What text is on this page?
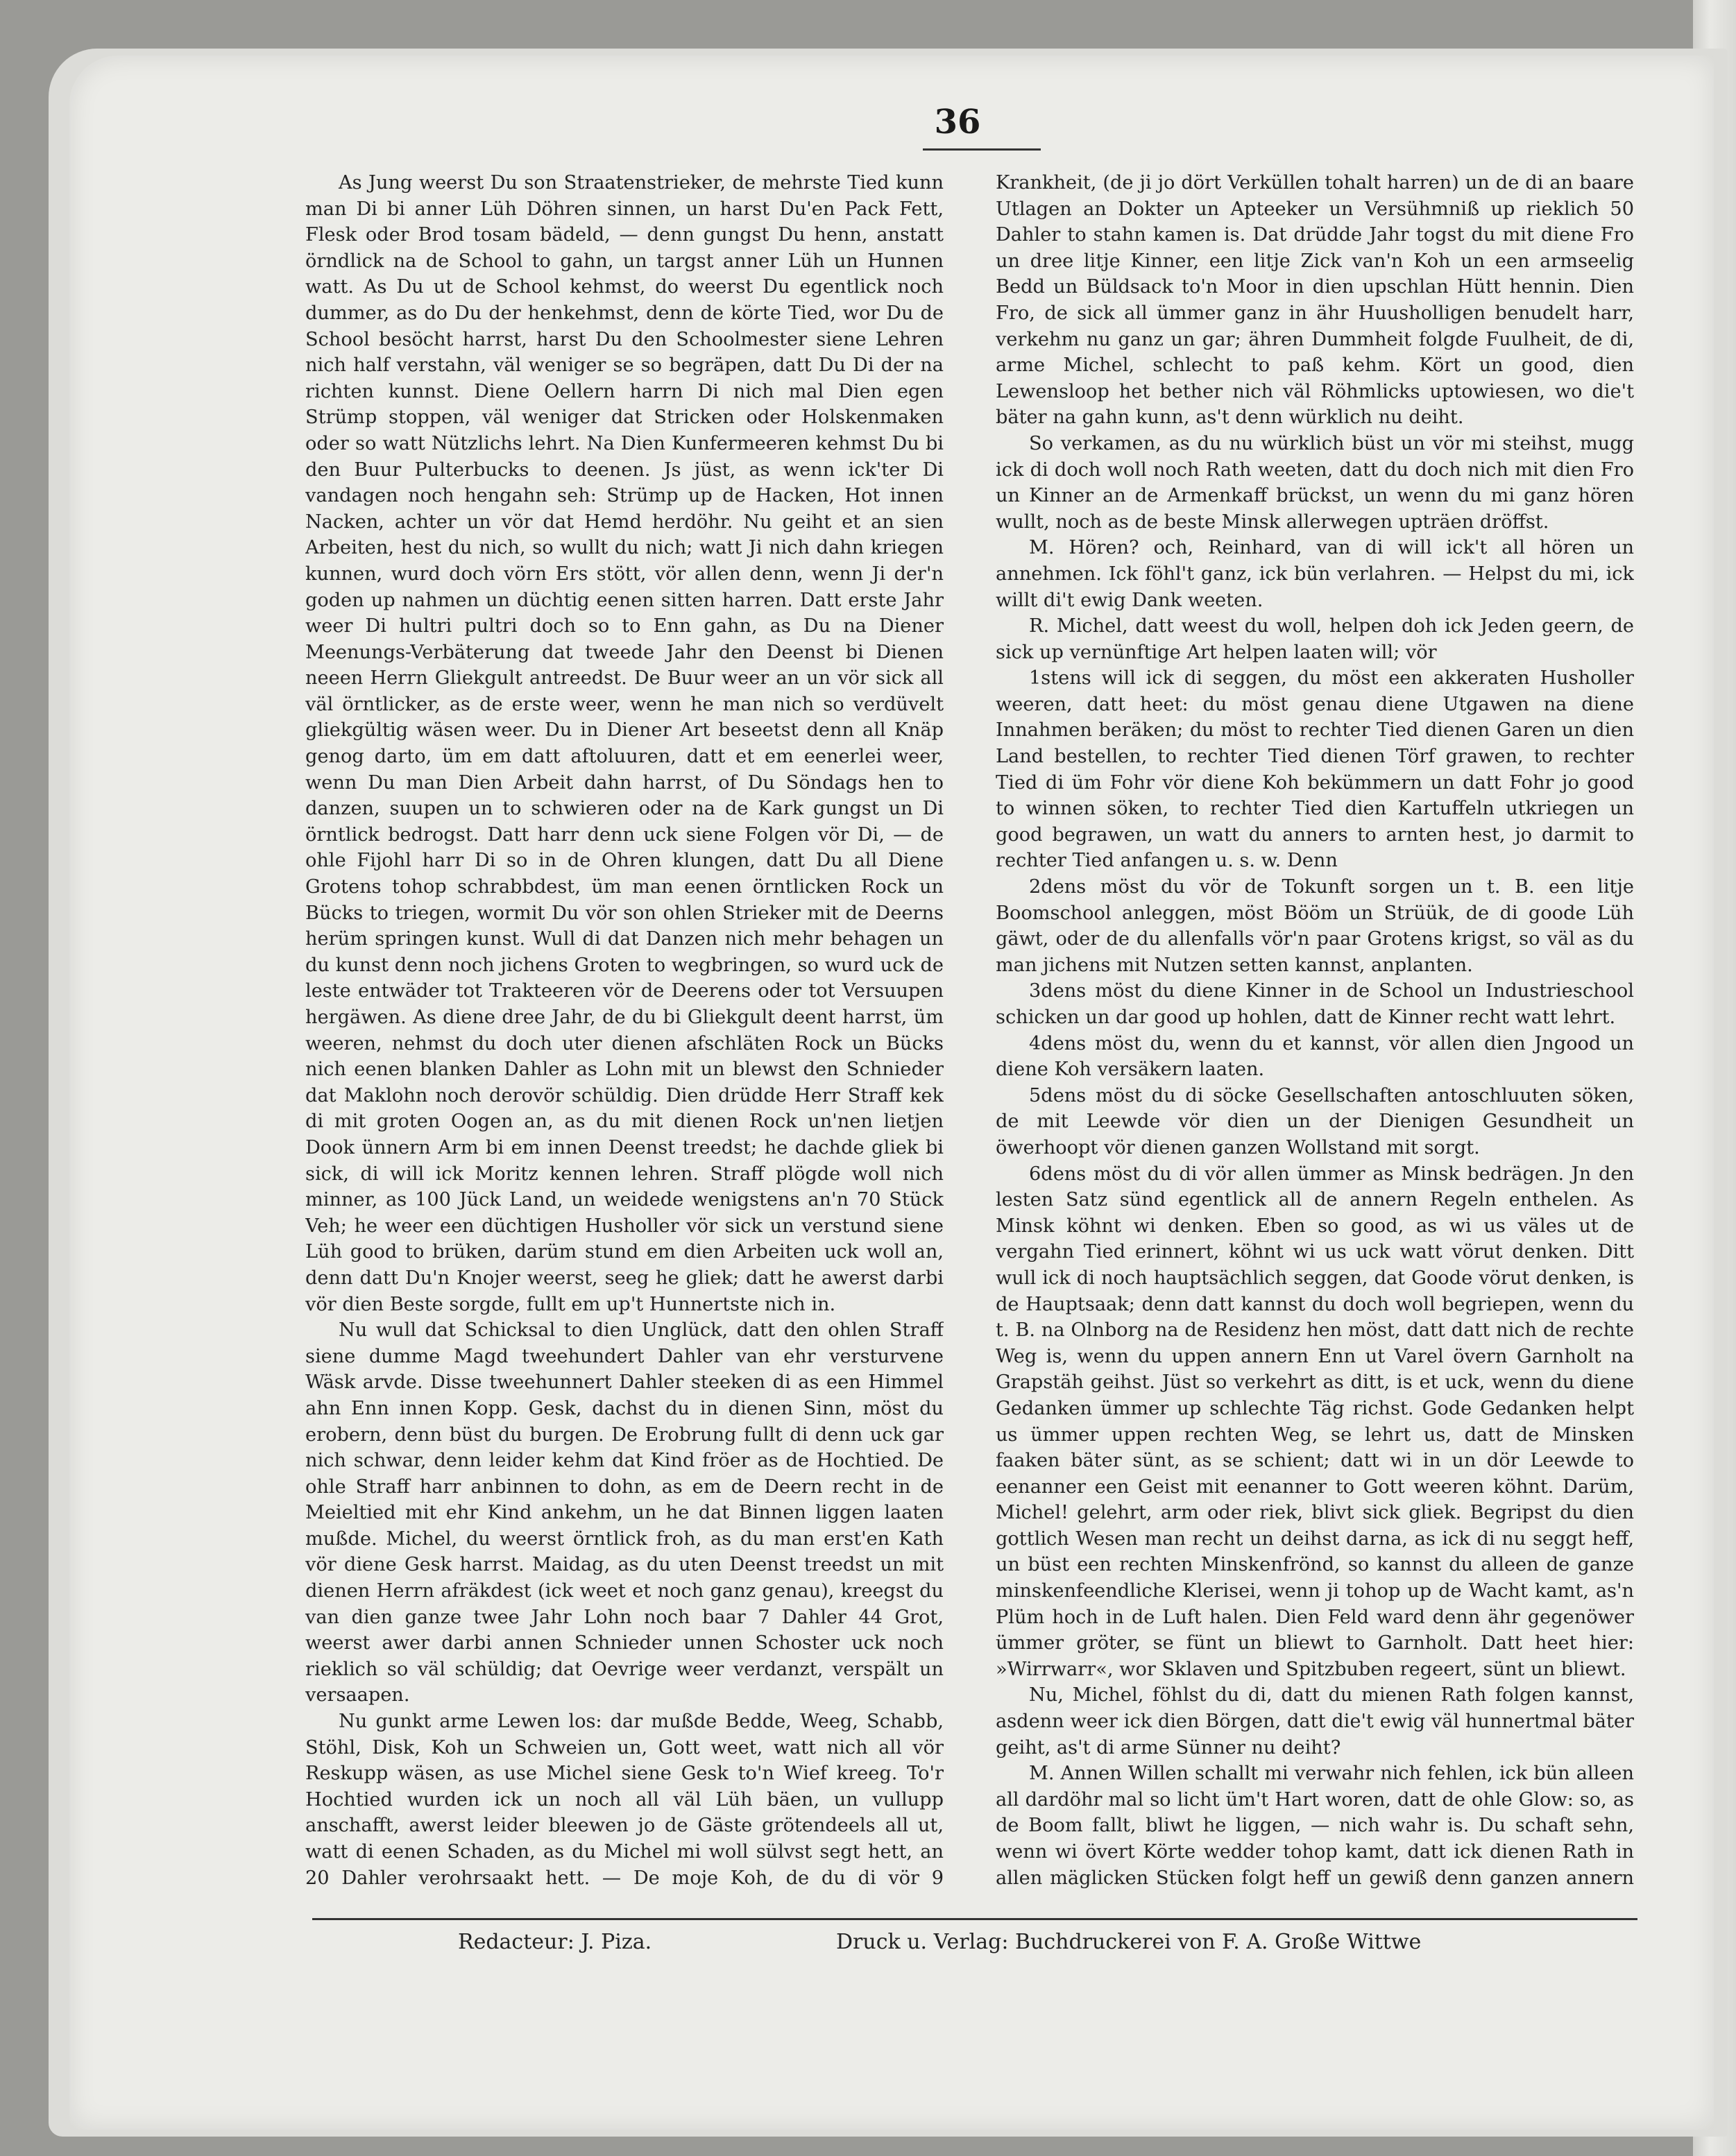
36

As Jung weerst Du son Straatenstrieker, de mehrste Tied kunn man Di bi anner Lüh Döhren sinnen, un harst Du'en Pack Fett, Flesk oder Brod tosam bädeld, — denn gungst Du henn, anstatt örndlick na de School to gahn, un targst anner Lüh un Hunnen watt. As Du ut de School kehmst, do weerst Du egentlick noch dummer, as do Du der henkehmst, denn de körte Tied, wor Du de School besöcht harrst, harst Du den Schoolmester siene Lehren nich half verstahn, väl weniger se so begräpen, datt Du Di der na richten kunnst. Diene Oellern harrn Di nich mal Dien egen Strümp stoppen, väl weniger dat Stricken oder Holskenmaken oder so watt Nützlichs lehrt. Na Dien Kunfermeeren kehmst Du bi den Buur Pulterbucks to deenen. Js jüst, as wenn ick'ter Di vandagen noch hengahn seh: Strümp up de Hacken, Hot innen Nacken, achter un vör dat Hemd herdöhr. Nu geiht et an sien Arbeiten, hest du nich, so wullt du nich; watt Ji nich dahn kriegen kunnen, wurd doch vörn Ers stött, vör allen denn, wenn Ji der'n goden up nahmen un düchtig eenen sitten harren. Datt erste Jahr weer Di hultri pultri doch so to Enn gahn, as Du na Diener Meenungs-Verbäterung dat tweede Jahr den Deenst bi Dienen neeen Herrn Gliekgult antreedst. De Buur weer an un vör sick all väl örntlicker, as de erste weer, wenn he man nich so verdüvelt gliekgültig wäsen weer. Du in Diener Art beseetst denn all Knäp genog darto, üm em datt aftoluuren, datt et em eenerlei weer, wenn Du man Dien Arbeit dahn harrst, of Du Söndags hen to danzen, suupen un to schwieren oder na de Kark gungst un Di örntlick bedrogst. Datt harr denn uck siene Folgen vör Di, — de ohle Fijohl harr Di so in de Ohren klungen, datt Du all Diene Grotens tohop schrabbdest, üm man eenen örntlicken Rock un Bücks to triegen, wormit Du vör son ohlen Strieker mit de Deerns herüm springen kunst. Wull di dat Danzen nich mehr behagen un du kunst denn noch jichens Groten to wegbringen, so wurd uck de leste entwäder tot Trakteeren vör de Deerens oder tot Versuupen hergäwen. As diene dree Jahr, de du bi Gliekgult deent harrst, üm weeren, nehmst du doch uter dienen afschläten Rock un Bücks nich eenen blanken Dahler as Lohn mit un blewst den Schnieder dat Maklohn noch derovör schüldig. Dien drüdde Herr Straff kek di mit groten Oogen an, as du mit dienen Rock un'nen lietjen Dook ünnern Arm bi em innen Deenst treedst; he dachde gliek bi sick, di will ick Moritz kennen lehren. Straff plögde woll nich minner, as 100 Jück Land, un weidede wenigstens an'n 70 Stück Veh; he weer een düchtigen Husholler vör sick un verstund siene Lüh good to brüken, darüm stund em dien Arbeiten uck woll an, denn datt Du'n Knojer weerst, seeg he gliek; datt he awerst darbi vör dien Beste sorgde, fullt em up't Hunnertste nich in.

Nu wull dat Schicksal to dien Unglück, datt den ohlen Straff siene dumme Magd tweehundert Dahler van ehr versturvene Wäsk arvde. Disse tweehunnert Dahler steeken di as een Himmel ahn Enn innen Kopp. Gesk, dachst du in dienen Sinn, möst du erobern, denn büst du burgen. De Erobrung fullt di denn uck gar nich schwar, denn leider kehm dat Kind fröer as de Hochtied. De ohle Straff harr anbinnen to dohn, as em de Deern recht in de Meieltied mit ehr Kind ankehm, un he dat Binnen liggen laaten mußde. Michel, du weerst örntlick froh, as du man erst'en Kath vör diene Gesk harrst. Maidag, as du uten Deenst treedst un mit dienen Herrn afräkdest (ick weet et noch ganz genau), kreegst du van dien ganze twee Jahr Lohn noch baar 7 Dahler 44 Grot, weerst awer darbi annen Schnieder unnen Schoster uck noch rieklich so väl schüldig; dat Oevrige weer verdanzt, verspält un versaapen.

Nu gunkt arme Lewen los: dar mußde Bedde, Weeg, Schabb, Stöhl, Disk, Koh un Schweien un, Gott weet, watt nich all vör Reskupp wäsen, as use Michel siene Gesk to'n Wief kreeg. To'r Hochtied wurden ick un noch all väl Lüh bäen, un vullupp anschafft, awerst leider bleewen jo de Gäste grötendeels all ut, watt di eenen Schaden, as du Michel mi woll sülvst segt hett, an 20 Dahler verohrsaakt hett. — De moje Koh, de du di vör 9

Krankheit, (de ji jo dört Verküllen tohalt harren) un de di an baare Utlagen an Dokter un Apteeker un Versühmniß up rieklich 50 Dahler to stahn kamen is. Dat drüdde Jahr togst du mit diene Fro un dree litje Kinner, een litje Zick van'n Koh un een armseelig Bedd un Büldsack to'n Moor in dien upschlan Hütt hennin. Dien Fro, de sick all ümmer ganz in ähr Huusholligen benudelt harr, verkehm nu ganz un gar; ähren Dummheit folgde Fuulheit, de di, arme Michel, schlecht to paß kehm. Kört un good, dien Lewensloop het bether nich väl Röhmlicks uptowiesen, wo die't bäter na gahn kunn, as't denn würklich nu deiht.

So verkamen, as du nu würklich büst un vör mi steihst, mugg ick di doch woll noch Rath weeten, datt du doch nich mit dien Fro un Kinner an de Armenkaff brückst, un wenn du mi ganz hören wullt, noch as de beste Minsk allerwegen upträen dröffst.

M. Hören? och, Reinhard, van di will ick't all hören un annehmen. Ick föhl't ganz, ick bün verlahren. — Helpst du mi, ick willt di't ewig Dank weeten.

R. Michel, datt weest du woll, helpen doh ick Jeden geern, de sick up vernünftige Art helpen laaten will; vör

1stens will ick di seggen, du möst een akkeraten Husholler weeren, datt heet: du möst genau diene Utgawen na diene Innahmen beräken; du möst to rechter Tied dienen Garen un dien Land bestellen, to rechter Tied dienen Törf grawen, to rechter Tied di üm Fohr vör diene Koh bekümmern un datt Fohr jo good to winnen söken, to rechter Tied dien Kartuffeln utkriegen un good begrawen, un watt du anners to arnten hest, jo darmit to rechter Tied anfangen u. s. w. Denn
2dens möst du vör de Tokunft sorgen un t. B. een litje Boomschool anleggen, möst Bööm un Strüük, de di goode Lüh gäwt, oder de du allenfalls vör'n paar Grotens krigst, so väl as du man jichens mit Nutzen setten kannst, anplanten.
3dens möst du diene Kinner in de School un Industrieschool schicken un dar good up hohlen, datt de Kinner recht watt lehrt.
4dens möst du, wenn du et kannst, vör allen dien Jngood un diene Koh versäkern laaten.
5dens möst du di söcke Gesellschaften antoschluuten söken, de mit Leewde vör dien un der Dienigen Gesundheit un öwerhoopt vör dienen ganzen Wollstand mit sorgt.
6dens möst du di vör allen ümmer as Minsk bedrägen. Jn den lesten Satz sünd egentlick all de annern Regeln enthelen. As Minsk köhnt wi denken. Eben so good, as wi us väles ut de vergahn Tied erinnert, köhnt wi us uck watt vörut denken. Ditt wull ick di noch hauptsächlich seggen, dat Goode vörut denken, is de Hauptsaak; denn datt kannst du doch woll begriepen, wenn du t. B. na Olnborg na de Residenz hen möst, datt datt nich de rechte Weg is, wenn du uppen annern Enn ut Varel övern Garnholt na Grapstäh geihst. Jüst so verkehrt as ditt, is et uck, wenn du diene Gedanken ümmer up schlechte Täg richst. Gode Gedanken helpt us ümmer uppen rechten Weg, se lehrt us, datt de Minsken faaken bäter sünt, as se schient; datt wi in un dör Leewde to eenanner een Geist mit eenanner to Gott weeren köhnt. Darüm, Michel! gelehrt, arm oder riek, blivt sick gliek. Begripst du dien gottlich Wesen man recht un deihst darna, as ick di nu seggt heff, un büst een rechten Minskenfrönd, so kannst du alleen de ganze minskenfeendliche Klerisei, wenn ji tohop up de Wacht kamt, as'n Plüm hoch in de Luft halen. Dien Feld ward denn ähr gegenöwer ümmer gröter, se fünt un bliewt to Garnholt. Datt heet hier: »Wirrwarr«, wor Sklaven und Spitzbuben regeert, sünt un bliewt.

Nu, Michel, föhlst du di, datt du mienen Rath folgen kannst, asdenn weer ick dien Börgen, datt die't ewig väl hunnertmal bäter geiht, as't di arme Sünner nu deiht?

M. Annen Willen schallt mi verwahr nich fehlen, ick bün alleen all dardöhr mal so licht üm't Hart woren, datt de ohle Glow: so, as de Boom fallt, bliwt he liggen, — nich wahr is. Du schaft sehn, wenn wi övert Körte wedder tohop kamt, datt ick dienen Rath in allen mäglicken Stücken folgt heff un gewiß denn ganzen annern

Redacteur: J. Piza.	Druck u. Verlag: Buchdruckerei von F. A. Große Wittwe
